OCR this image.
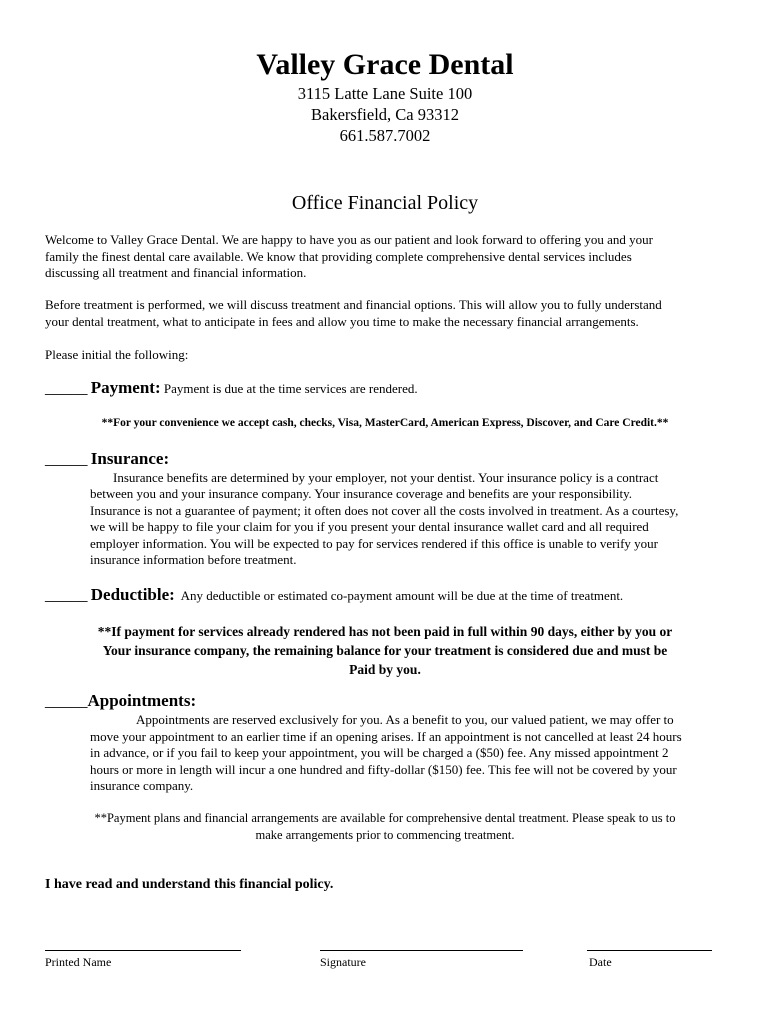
Valley Grace Dental
3115 Latte Lane Suite 100
Bakersfield, Ca 93312
661.587.7002
Office Financial Policy
Welcome to Valley Grace Dental. We are happy to have you as our patient and look forward to offering you and your
family the finest dental care available. We know that providing complete comprehensive dental services includes
discussing all treatment and financial information.
Before treatment is performed, we will discuss treatment and financial options. This will allow you to fully understand
your dental treatment, what to anticipate in fees and allow you time to make the necessary financial arrangements.
Please initial the following:
_____ Payment: Payment is due at the time services are rendered.
**For your convenience we accept cash, checks, Visa, MasterCard, American Express, Discover, and Care Credit.**
_____ Insurance:
Insurance benefits are determined by your employer, not your dentist. Your insurance policy is a contract
between you and your insurance company. Your insurance coverage and benefits are your responsibility.
Insurance is not a guarantee of payment; it often does not cover all the costs involved in treatment. As a courtesy,
we will be happy to file your claim for you if you present your dental insurance wallet card and all required
employer information. You will be expected to pay for services rendered if this office is unable to verify your
insurance information before treatment.
_____ Deductible: Any deductible or estimated co-payment amount will be due at the time of treatment.
**If payment for services already rendered has not been paid in full within 90 days, either by you or
Your insurance company, the remaining balance for your treatment is considered due and must be
Paid by you.
_____Appointments:
Appointments are reserved exclusively for you. As a benefit to you, our valued patient, we may offer to
move your appointment to an earlier time if an opening arises. If an appointment is not cancelled at least 24 hours
in advance, or if you fail to keep your appointment, you will be charged a ($50) fee. Any missed appointment 2
hours or more in length will incur a one hundred and fifty-dollar ($150) fee. This fee will not be covered by your
insurance company.
**Payment plans and financial arrangements are available for comprehensive dental treatment. Please speak to us to
make arrangements prior to commencing treatment.
I have read and understand this financial policy.
Printed Name	Signature	Date
